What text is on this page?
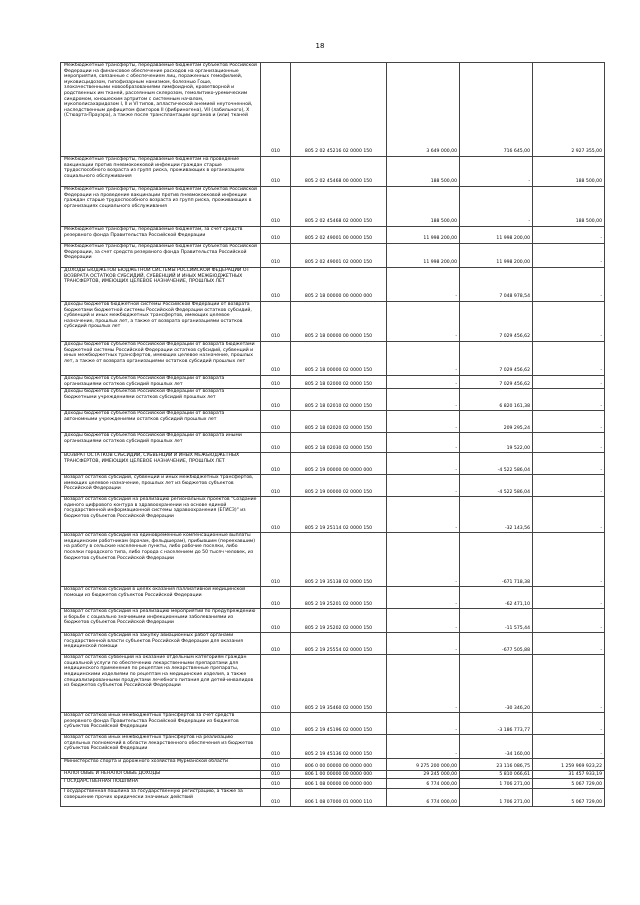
18
Межбюджетные трансферты, передаваемые бюджетам субъектов Российской Федерации на финансовое обеспечение расходов на организационные мероприятия, связанные с обеспечением лиц, пораженных гемофилией, муковисцидозом, гипофизарным нанизмом, болезнью Гоше, злокачественными новообразованиями лимфоидной, кроветворной и родственных им тканей, рассеянным склерозом, гемолитико-уремическим синдромом, юношеским артритом с системным началом, мукополисахаридозом I, II и VI типов, апластической анемией неуточненной, наследственным дефицитом факторов II (фибриногена), VII (лабильного), X (Стюарта-Прауэра), а также после трансплантации органов и (или) тканей	010	805 2 02 45216 02 0000 150	3 649 000,00	716 645,00	2 927 355,00
Межбюджетные трансферты, передаваемые бюджетам на проведение вакцинации против пневмококковой инфекции граждан старше трудоспособного возраста из групп риска, проживающих в организациях социального обслуживания	010	805 2 02 45468 00 0000 150	188 500,00	-	188 500,00
Межбюджетные трансферты, передаваемые бюджетам субъектов Российской Федерации на проведение вакцинации против пневмококковой инфекции граждан старше трудоспособного возраста из групп риска, проживающих в организациях социального обслуживания	010	805 2 02 45468 02 0000 150	188 500,00	-	188 500,00
Межбюджетные трансферты, передаваемые бюджетам, за счет средств резервного фонда Правительства Российской Федерации	010	805 2 02 49001 00 0000 150	11 998 200,00	11 998 200,00	-
Межбюджетные трансферты, передаваемые бюджетам субъектов Российской Федерации, за счет средств резервного фонда Правительства Российской Федерации	010	805 2 02 49001 02 0000 150	11 998 200,00	11 998 200,00	-
ДОХОДЫ БЮДЖЕТОВ БЮДЖЕТНОЙ СИСТЕМЫ РОССИЙСКОЙ ФЕДЕРАЦИИ ОТ ВОЗВРАТА ОСТАТКОВ СУБСИДИЙ, СУБВЕНЦИЙ И ИНЫХ МЕЖБЮДЖЕТНЫХ ТРАНСФЕРТОВ, ИМЕЮЩИХ ЦЕЛЕВОЕ НАЗНАЧЕНИЕ, ПРОШЛЫХ ЛЕТ	010	805 2 18 00000 00 0000 000	-	7 048 978,54	-
Доходы бюджетов бюджетной системы Российской Федерации от возврата бюджетами бюджетной системы Российской Федерации остатков субсидий, субвенций и иных межбюджетных трансфертов, имеющих целевое назначение, прошлых лет, а также от возврата организациями остатков субсидий прошлых лет	010	805 2 18 00000 00 0000 150	-	7 029 456,62	-
Доходы бюджетов субъектов Российской Федерации от возврата бюджетами бюджетной системы Российской Федерации остатков субсидий, субвенций и иных межбюджетных трансфертов, имеющих целевое назначение, прошлых лет, а также от возврата организациями остатков субсидий прошлых лет	010	805 2 18 00000 02 0000 150	-	7 029 456,62	-
Доходы бюджетов субъектов Российской Федерации от возврата организациями остатков субсидий прошлых лет	010	805 2 18 02000 02 0000 150	-	7 029 456,62	-
Доходы бюджетов субъектов Российской Федерации от возврата бюджетными учреждениями остатков субсидий прошлых лет	010	805 2 18 02010 02 0000 150	-	6 820 161,38	-
Доходы бюджетов субъектов Российской Федерации от возврата автономными учреждениями остатков субсидий прошлых лет	010	805 2 18 02020 02 0000 150	-	209 295,24	-
Доходы бюджетов субъектов Российской Федерации от возврата иными организациями остатков субсидий прошлых лет	010	805 2 18 02030 02 0000 150	-	19 522,00	-
ВОЗВРАТ ОСТАТКОВ СУБСИДИЙ, СУБВЕНЦИЙ И ИНЫХ МЕЖБЮДЖЕТНЫХ ТРАНСФЕРТОВ, ИМЕЮЩИХ ЦЕЛЕВОЕ НАЗНАЧЕНИЕ, ПРОШЛЫХ ЛЕТ	010	805 2 19 00000 00 0000 000	-	-4 522 586,04	-
Возврат остатков субсидий, субвенций и иных межбюджетных трансфертов, имеющих целевое назначение, прошлых лет из бюджетов субъектов Российской Федерации	010	805 2 19 00000 02 0000 150	-	-4 522 586,04	-
Возврат остатков субсидий на реализацию региональных проектов "Создание единого цифрового контура в здравоохранении на основе единой государственной информационной системы здравоохранения (ЕГИСЗ)" из бюджетов субъектов Российской Федерации	010	805 2 19 25114 02 0000 150	-	-32 143,56	-
Возврат остатков субсидий на единовременные компенсационные выплаты медицинским работникам (врачам, фельдшерам), прибывшим (переехавшим) на работу в сельские населенные пункты, либо рабочие поселки, либо поселки городского типа, либо города с населением до 50 тысяч человек, из бюджетов субъектов Российской Федерации	010	805 2 19 35138 02 0000 150	-	-671 718,38	-
Возврат остатков субсидий в целях оказания паллиативной медицинской помощи из бюджетов субъектов Российской Федерации	010	805 2 19 25201 02 0000 150	-	-62 471,10	-
Возврат остатков субсидий на реализацию мероприятий по предупреждению и борьбе с социально значимыми инфекционными заболеваниями из бюджетов субъектов Российской Федерации	010	805 2 19 25202 02 0000 150	-	-11 575,44	-
Возврат остатков субсидий на закупку авиационных работ органами государственной власти субъектов Российской Федерации для оказания медицинской помощи	010	805 2 19 25554 02 0000 150	-	-677 505,88	-
Возврат остатков субвенций на оказание отдельным категориям граждан социальной услуги по обеспечению лекарственными препаратами для медицинского применения по рецептам на лекарственные препараты, медицинскими изделиями по рецептам на медицинские изделия, а также специализированными продуктами лечебного питания для детей-инвалидов из бюджетов субъектов Российской Федерации	010	805 2 19 35460 02 0000 150	-	-30 346,20	-
Возврат остатков иных межбюджетных трансфертов за счет средств резервного фонда Правительства Российской Федерации из бюджетов субъектов Российской Федерации	010	805 2 19 45196 02 0000 150	-	-3 186 773,77	-
Возврат остатков иных межбюджетных трансфертов на реализацию отдельных полномочий в области лекарственного обеспечения из бюджетов субъектов Российской Федерации	010	805 2 19 45136 02 0000 150	-	-34 160,00	-
Министерство спорта и дорожного хозяйства Мурманской области	010	806 0 00 00000 00 0000 000	9 275 200 000,00	23 116 086,75	1 259 969 923,22
НАЛОГОВЫЕ И НЕНАЛОГОВЫЕ ДОХОДЫ	010	806 1 00 00000 00 0000 000	29 245 000,00	5 810 066,61	31 457 933,19
ГОСУДАРСТВЕННАЯ ПОШЛИНА	010	806 1 08 00000 00 0000 000	6 774 000,00	1 706 271,00	5 067 729,00
Государственная пошлина за государственную регистрацию, а также за совершение прочих юридически значимых действий	010	806 1 08 07000 01 0000 110	6 774 000,00	1 706 271,00	5 067 729,00
